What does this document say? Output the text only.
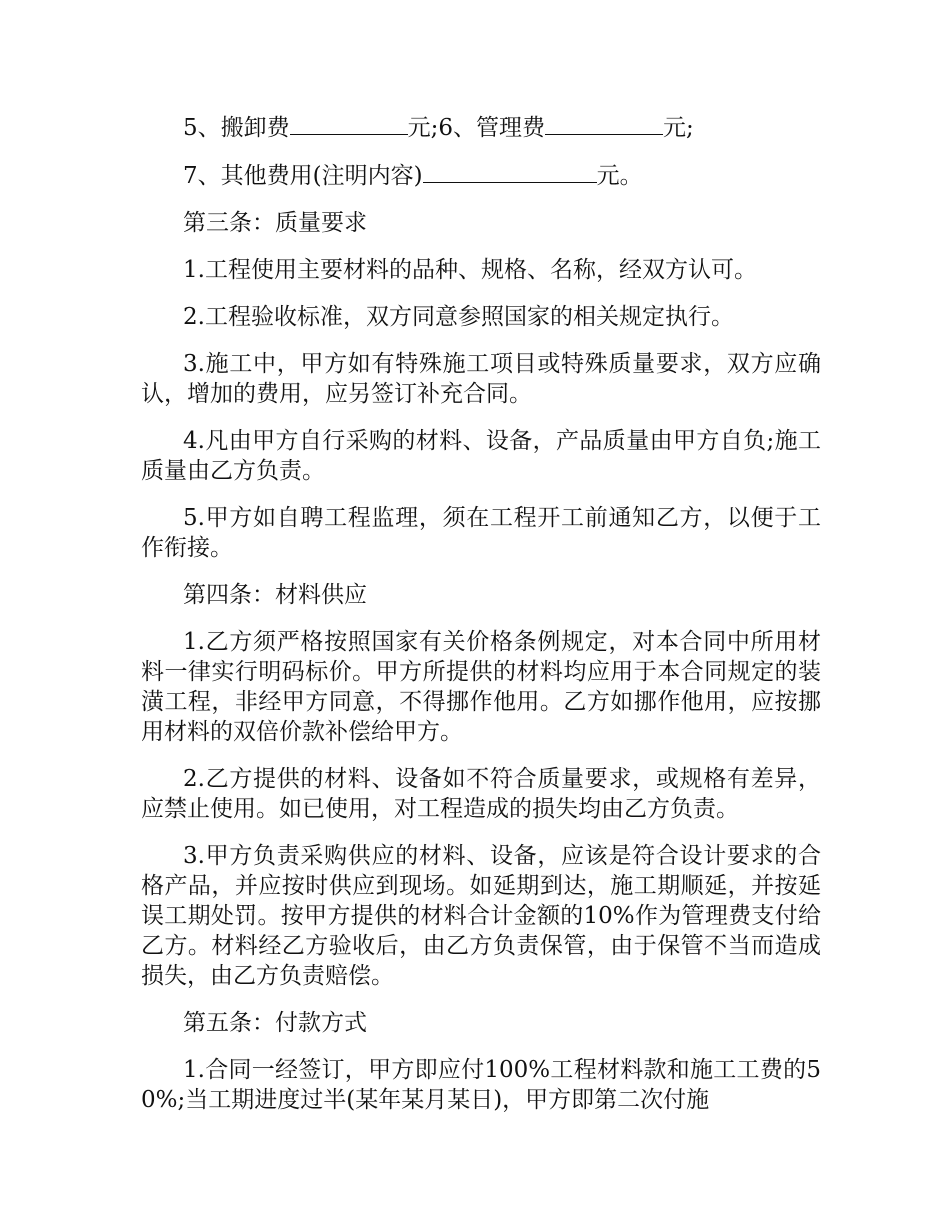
5、搬卸费	元;6、管理费	元;

7、其他费用(注明内容)	元。

第三条：质量要求

1.工程使用主要材料的品种、规格、名称，经双方认可。

2.工程验收标准，双方同意参照国家的相关规定执行。

3.施工中，甲方如有特殊施工项目或特殊质量要求，双方应确认，增加的费用，应另签订补充合同。

4.凡由甲方自行采购的材料、设备，产品质量由甲方自负;施工质量由乙方负责。

5.甲方如自聘工程监理，须在工程开工前通知乙方，以便于工作衔接。

第四条：材料供应

1.乙方须严格按照国家有关价格条例规定，对本合同中所用材料一律实行明码标价。甲方所提供的材料均应用于本合同规定的装潢工程，非经甲方同意，不得挪作他用。乙方如挪作他用，应按挪用材料的双倍价款补偿给甲方。

2.乙方提供的材料、设备如不符合质量要求，或规格有差异，应禁止使用。如已使用，对工程造成的损失均由乙方负责。

3.甲方负责采购供应的材料、设备，应该是符合设计要求的合格产品，并应按时供应到现场。如延期到达，施工期顺延，并按延误工期处罚。按甲方提供的材料合计金额的10%作为管理费支付给乙方。材料经乙方验收后，由乙方负责保管，由于保管不当而造成损失，由乙方负责赔偿。

第五条：付款方式

1.合同一经签订，甲方即应付100%工程材料款和施工工费的50%;当工期进度过半(某年某月某日)，甲方即第二次付施
